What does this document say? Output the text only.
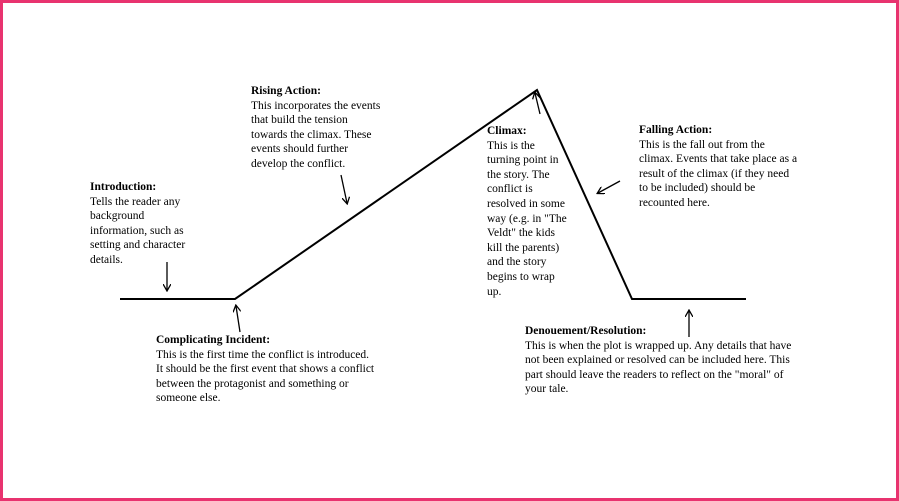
Introduction:
Tells the reader any
background
information, such as
setting and character
details.
Complicating Incident:
This is the first time the conflict is introduced.
It should be the first event that shows a conflict
between the protagonist and something or
someone else.
Rising Action:
This incorporates the events
that build the tension
towards the climax. These
events should further
develop the conflict.
Climax:
This is the
turning point in
the story. The
conflict is
resolved in some
way (e.g. in "The
Veldt" the kids
kill the parents)
and the story
begins to wrap
up.
Falling Action:
This is the fall out from the
climax. Events that take place as a
result of the climax (if they need
to be included) should be
recounted here.
Denouement/Resolution:
This is when the plot is wrapped up. Any details that have
not been explained or resolved can be included here. This
part should leave the readers to reflect on the "moral" of
your tale.
